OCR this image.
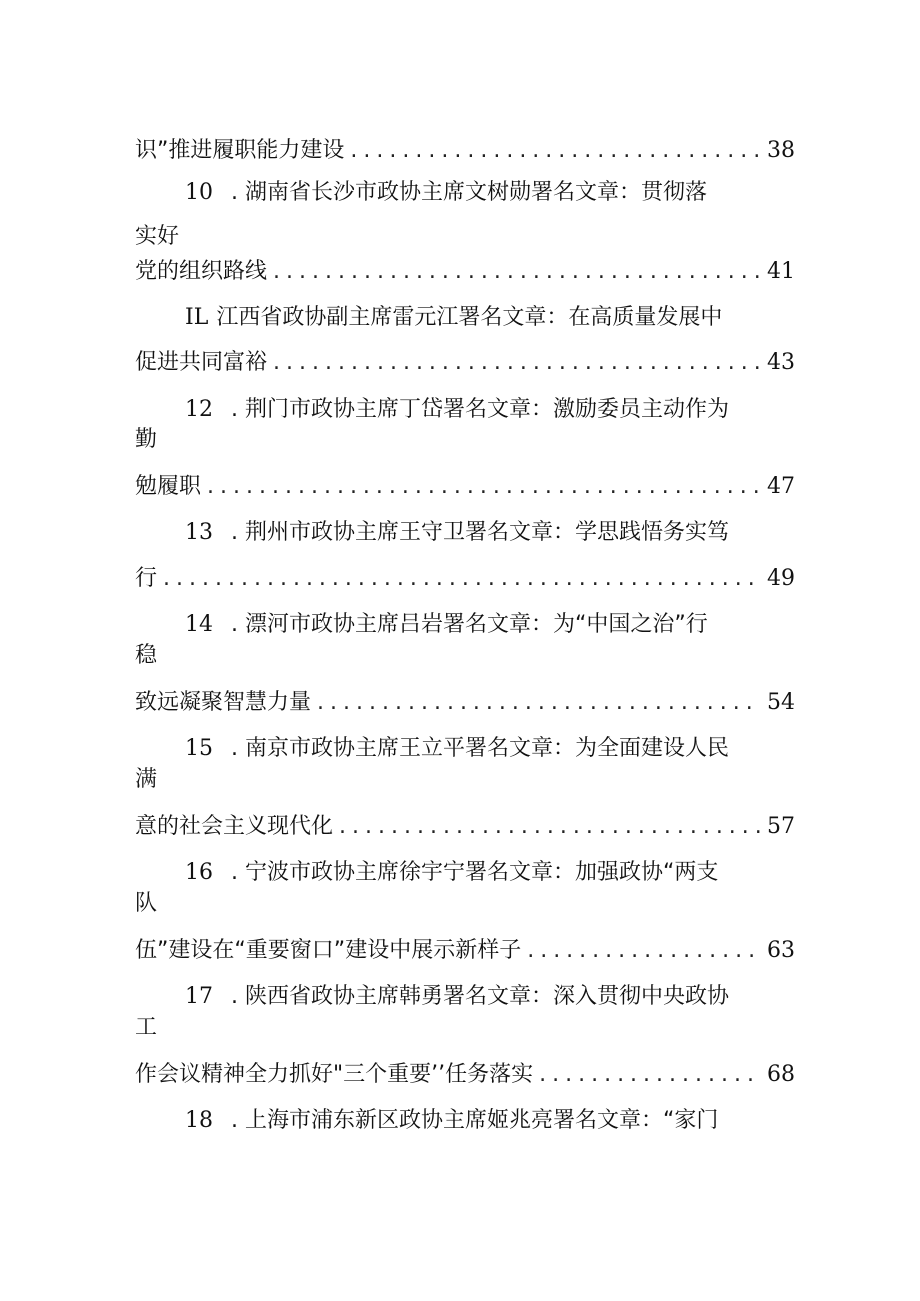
识”推进履职能力建设 .....	38
10 . 湖南省长沙市政协主席文树勋署名文章：贯彻落
实好
党的组织路线 .....	41
IL 江西省政协副主席雷元江署名文章：在高质量发展中
促进共同富裕 .....	43
12 . 荆门市政协主席丁岱署名文章：激励委员主动作为
勤
勉履职 .....	47
13 . 荆州市政协主席王守卫署名文章：学思践悟务实笃
行 .....	49
14 . 漂河市政协主席吕岩署名文章：为“中国之治”行
稳
致远凝聚智慧力量 .....	54
15 . 南京市政协主席王立平署名文章：为全面建设人民
满
意的社会主义现代化 .....	57
16 . 宁波市政协主席徐宇宁署名文章：加强政协“两支
队
伍”建设在“重要窗口”建设中展示新样子 .....	63
17 . 陕西省政协主席韩勇署名文章：深入贯彻中央政协
工
作会议精神全力抓好"三个重要’’任务落实 .....	68
18 . 上海市浦东新区政协主席姬兆亮署名文章：“家门
